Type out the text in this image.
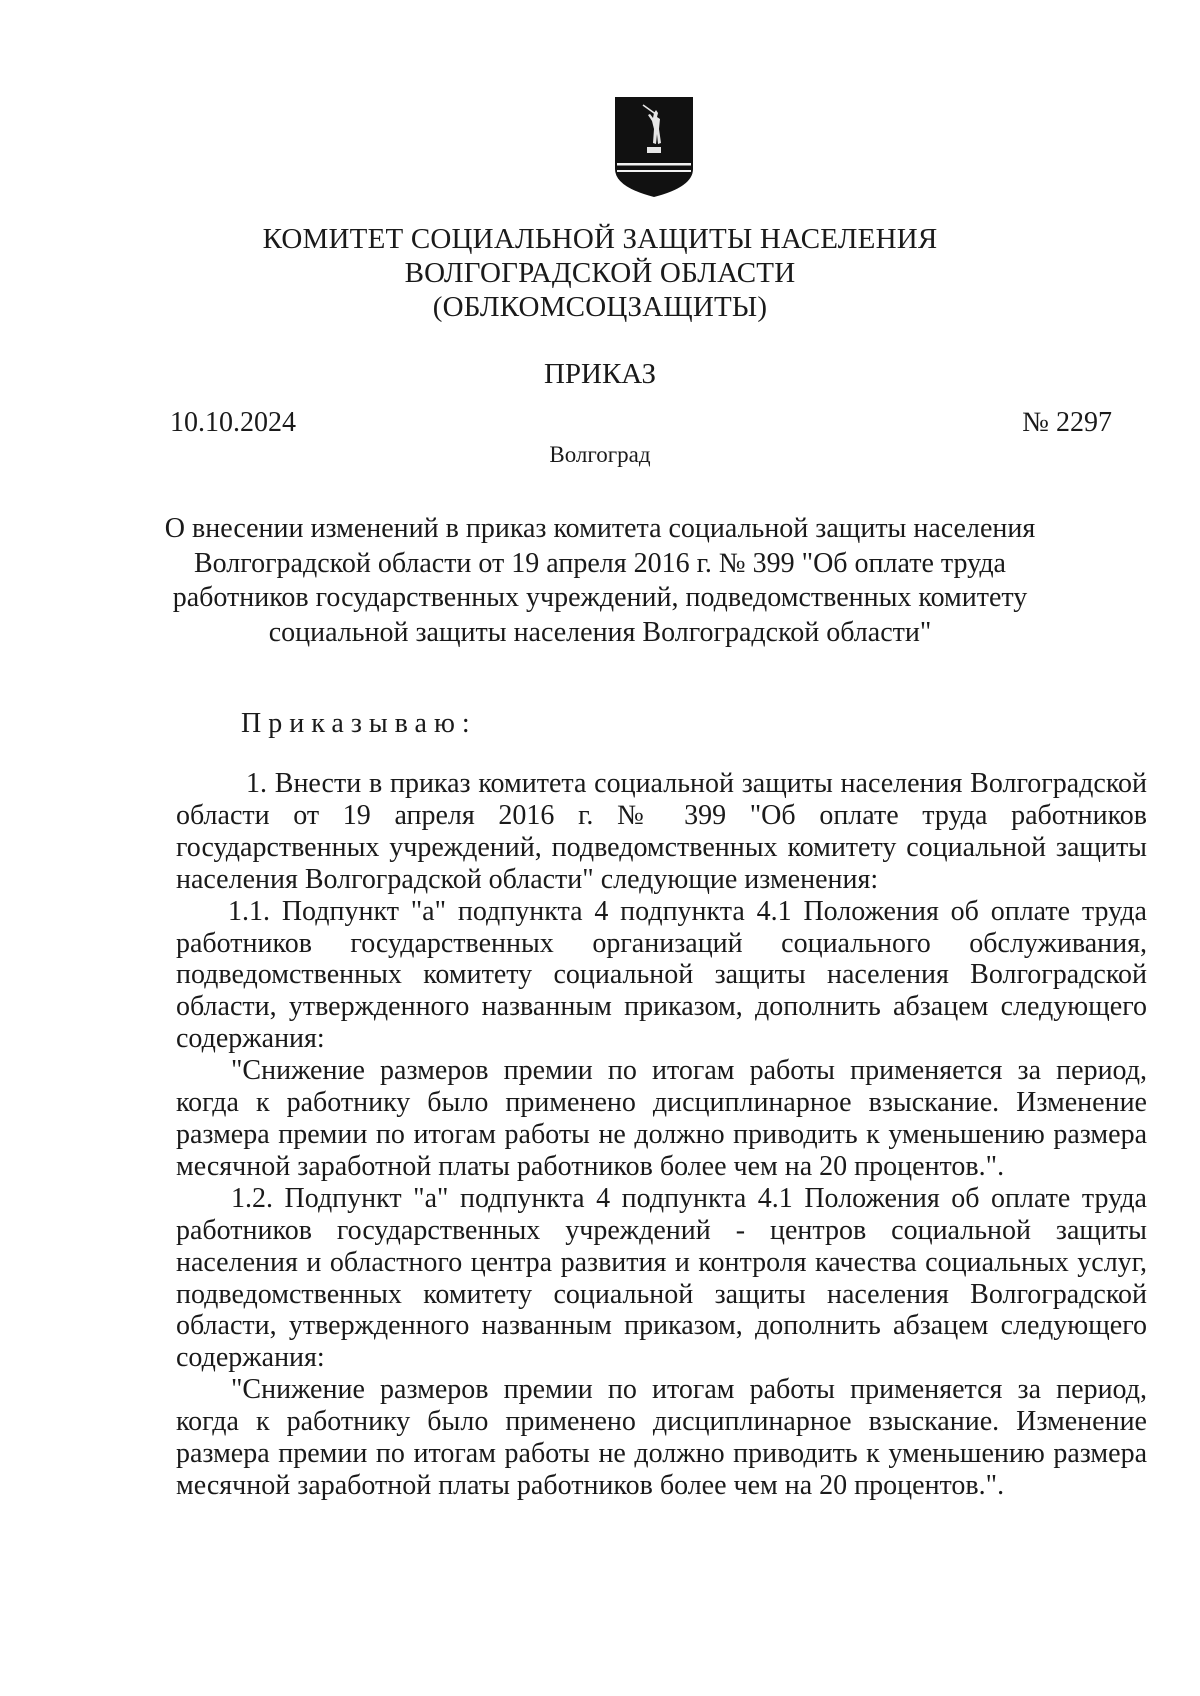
КОМИТЕТ СОЦИАЛЬНОЙ ЗАЩИТЫ НАСЕЛЕНИЯ
ВОЛГОГРАДСКОЙ ОБЛАСТИ
(ОБЛКОМСОЦЗАЩИТЫ)
ПРИКАЗ
10.10.2024	№ 2297
Волгоград
О внесении изменений в приказ комитета социальной защиты населения
Волгоградской области от 19 апреля 2016 г. № 399 "Об оплате труда
работников государственных учреждений, подведомственных комитету
социальной защиты населения Волгоградской области"
Приказываю:

1. Внести в приказ комитета социальной защиты населения Волгоградской области от 19 апреля 2016 г. № 399 "Об оплате труда работников государственных учреждений, подведомственных комитету социальной защиты населения Волгоградской области" следующие изменения:

1.1. Подпункт "а" подпункта 4 подпункта 4.1 Положения об оплате труда работников государственных организаций социального обслуживания, подведомственных комитету социальной защиты населения Волгоградской области, утвержденного названным приказом, дополнить абзацем следующего содержания:

"Снижение размеров премии по итогам работы применяется за период, когда к работнику было применено дисциплинарное взыскание. Изменение размера премии по итогам работы не должно приводить к уменьшению размера месячной заработной платы работников более чем на 20 процентов.".

1.2. Подпункт "а" подпункта 4 подпункта 4.1 Положения об оплате труда работников государственных учреждений - центров социальной защиты населения и областного центра развития и контроля качества социальных услуг, подведомственных комитету социальной защиты населения Волгоградской области, утвержденного названным приказом, дополнить абзацем следующего содержания:

"Снижение размеров премии по итогам работы применяется за период, когда к работнику было применено дисциплинарное взыскание. Изменение размера премии по итогам работы не должно приводить к уменьшению размера месячной заработной платы работников более чем на 20 процентов.".
